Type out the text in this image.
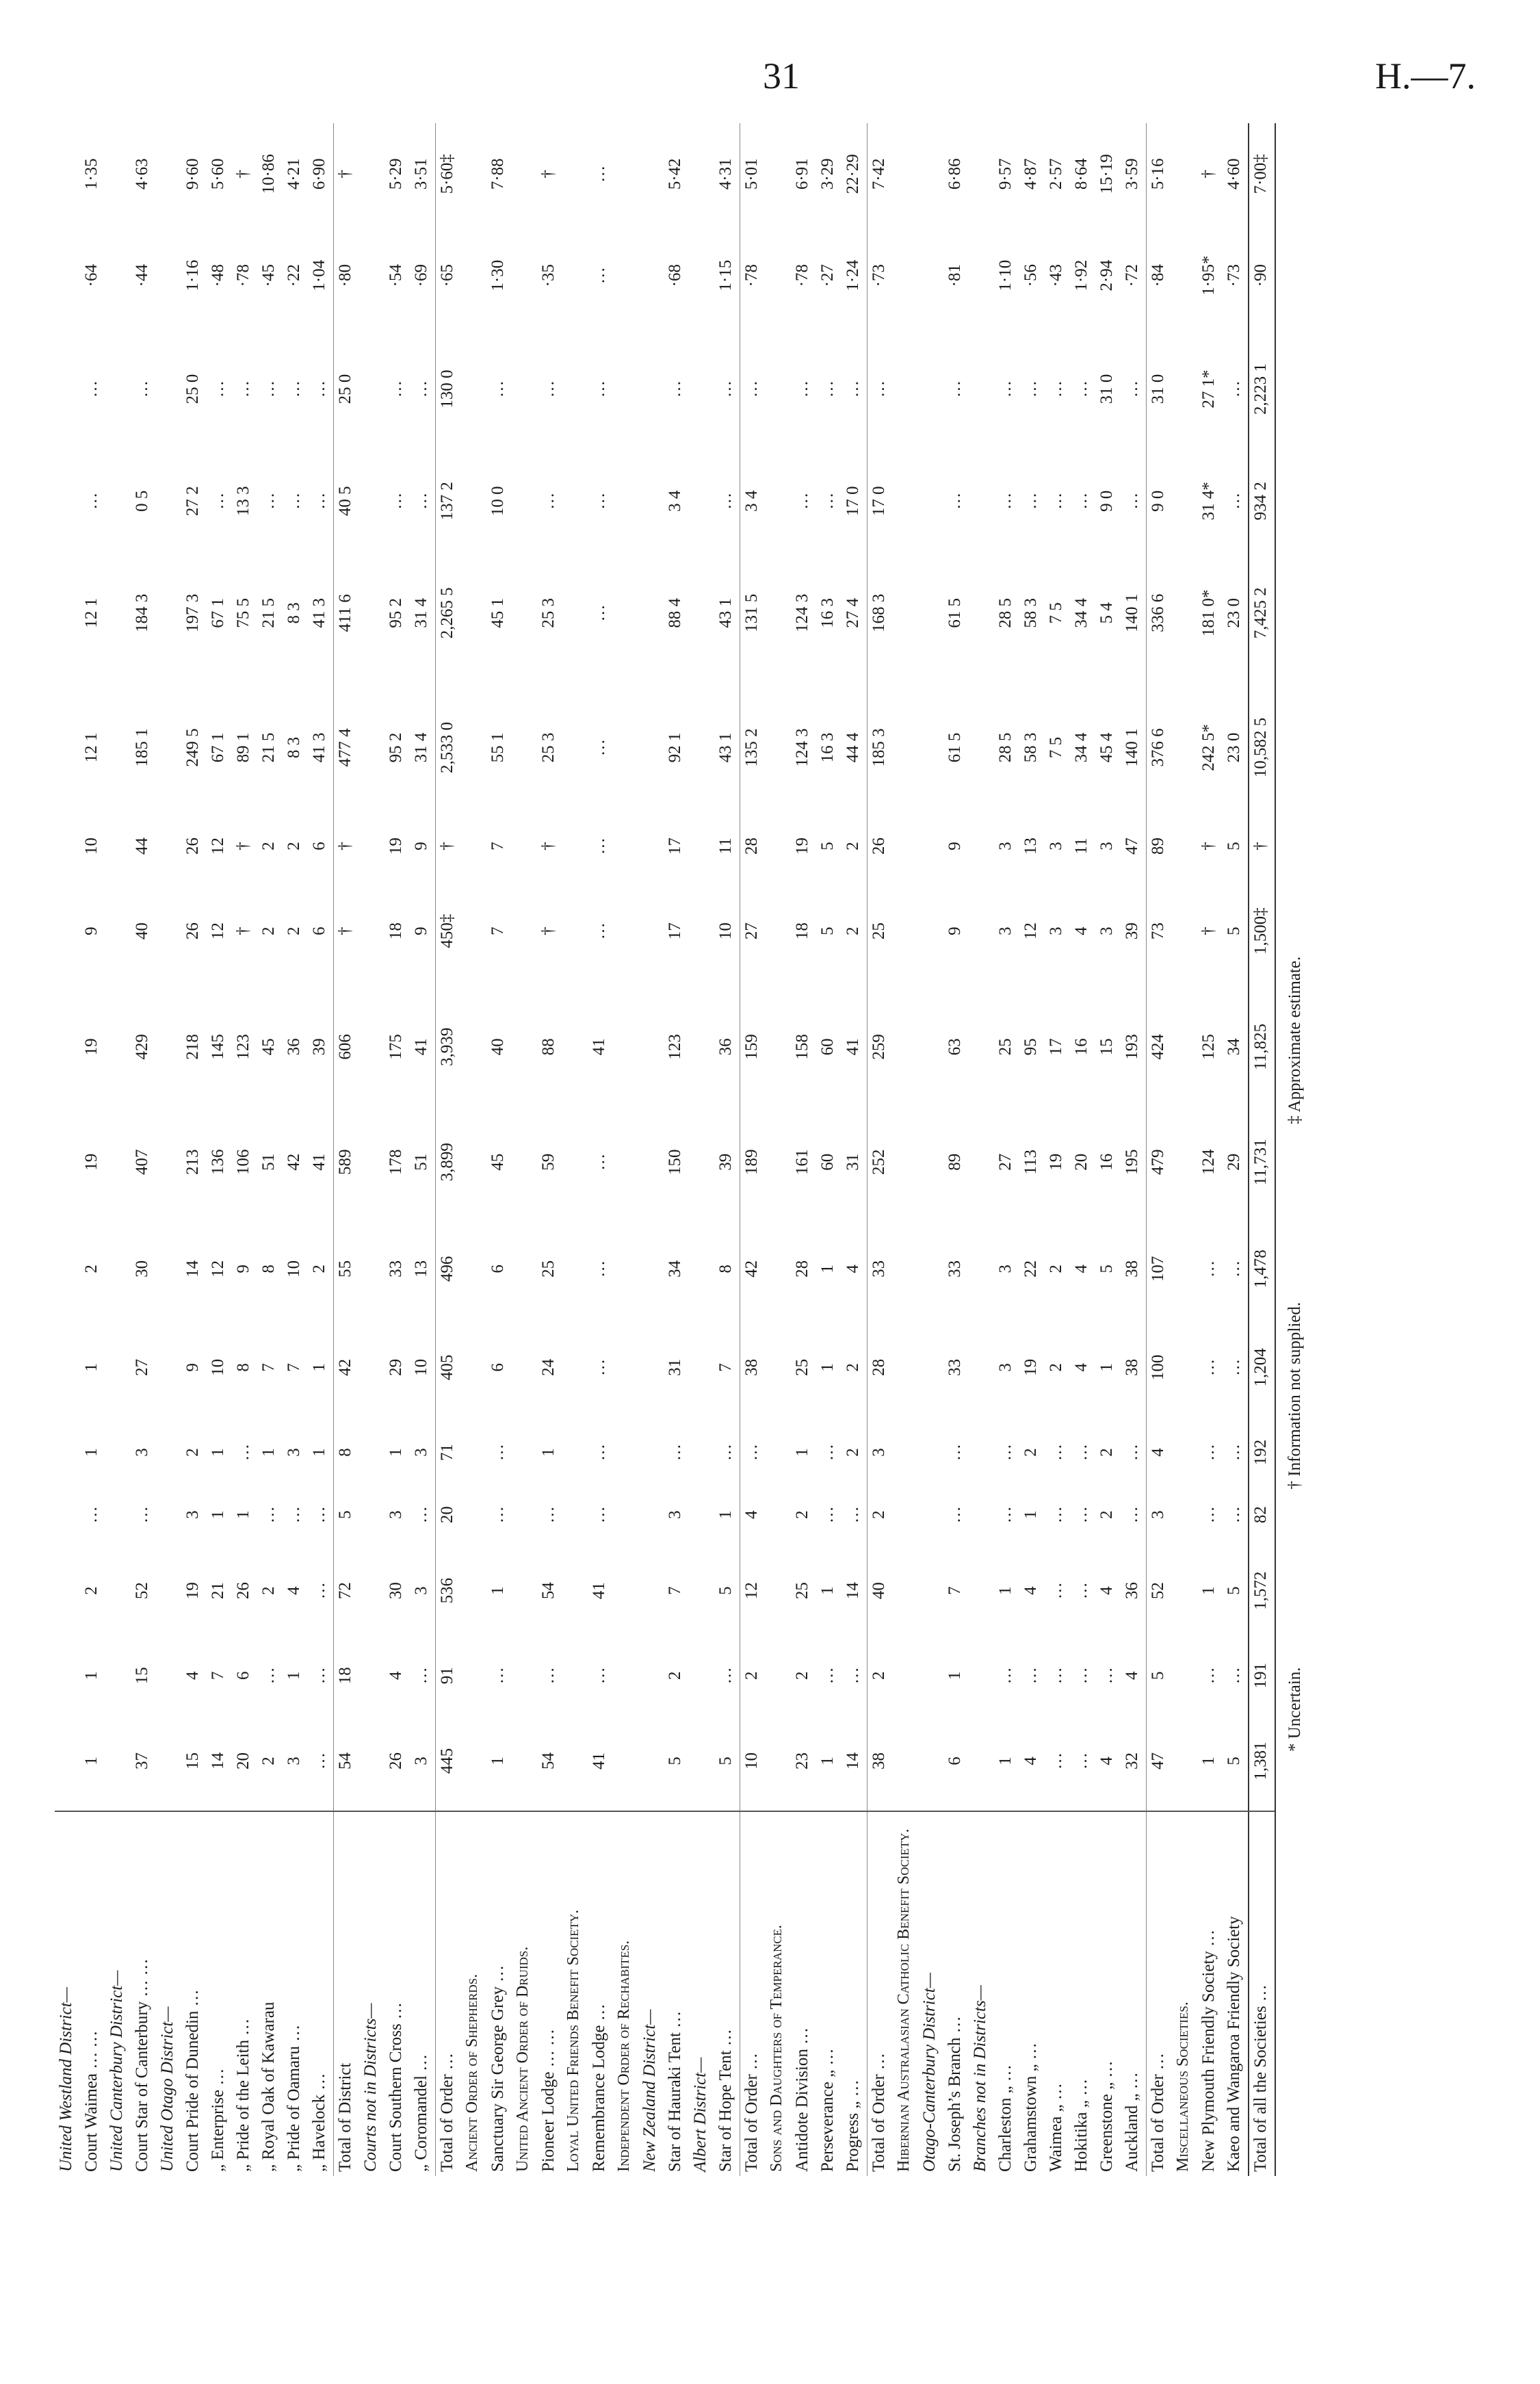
31	H.—7.
United Westland District—																	
Court Waimea … …	1	1	2	…	1	1	2	19	19	9	10	12 1	12 1	…	…	·64	1·35
United Canterbury District—																	
Court Star of Canterbury … …	37	15	52	…	3	27	30	407	429	40	44	185 1	184 3	0 5	…	·44	4·63
United Otago District—																	
Court Pride of Dunedin …	15	4	19	3	2	9	14	213	218	26	26	249 5	197 3	27 2	25 0	1·16	9·60
„ Enterprise …	14	7	21	1	1	10	12	136	145	12	12	67 1	67 1	…	…	·48	5·60
„ Pride of the Leith …	20	6	26	1	…	8	9	106	123	†	†	89 1	75 5	13 3	…	·78	†
„ Royal Oak of Kawarau	2	…	2	…	1	7	8	51	45	2	2	21 5	21 5	…	…	·45	10·86
„ Pride of Oamaru …	3	1	4	…	3	7	10	42	36	2	2	8 3	8 3	…	…	·22	4·21
„ Havelock …	…	…	…	…	1	1	2	41	39	6	6	41 3	41 3	…	…	1·04	6·90
Total of District	54	18	72	5	8	42	55	589	606	†	†	477 4	411 6	40 5	25 0	·80	†
Courts not in Districts—																	
Court Southern Cross …	26	4	30	3	1	29	33	178	175	18	19	95 2	95 2	…	…	·54	5·29
„ Coromandel …	3	…	3	…	3	10	13	51	41	9	9	31 4	31 4	…	…	·69	3·51
Total of Order …	445	91	536	20	71	405	496	3,899	3,939	450‡	†	2,533 0	2,265 5	137 2	130 0	·65	5·60‡
Ancient Order of Shepherds.																	
Sanctuary Sir George Grey …	1	…	1	…	…	6	6	45	40	7	7	55 1	45 1	10 0	…	1·30	7·88
United Ancient Order of Druids.																	
Pioneer Lodge … …	54	…	54	…	1	24	25	59	88	†	†	25 3	25 3	…	…	·35	†
Loyal United Friends Benefit Society.																	
Remembrance Lodge …	41	…	41	…	…	…	…	…	41	…	…	…	…	…	…	…	…
Independent Order of Rechabites.																	
New Zealand District—																	
Star of Hauraki Tent …	5	2	7	3	…	31	34	150	123	17	17	92 1	88 4	3 4	…	·68	5·42
Albert District—																	
Star of Hope Tent …	5	…	5	1	…	7	8	39	36	10	11	43 1	43 1	…	…	1·15	4·31
Total of Order …	10	2	12	4	…	38	42	189	159	27	28	135 2	131 5	3 4	…	·78	5·01
Sons and Daughters of Temperance.																	
Antidote Division …	23	2	25	2	1	25	28	161	158	18	19	124 3	124 3	…	…	·78	6·91
Perseverance „ …	1	…	1	…	…	1	1	60	60	5	5	16 3	16 3	…	…	·27	3·29
Progress „ …	14	…	14	…	2	2	4	31	41	2	2	44 4	27 4	17 0	…	1·24	22·29
Total of Order …	38	2	40	2	3	28	33	252	259	25	26	185 3	168 3	17 0	…	·73	7·42
Hibernian Australasian Catholic Benefit Society.																	
Otago-Canterbury District—																	
St. Joseph’s Branch …	6	1	7	…	…	33	33	89	63	9	9	61 5	61 5	…	…	·81	6·86
Branches not in Districts—																	
Charleston „ …	1	…	1	…	…	3	3	27	25	3	3	28 5	28 5	…	…	1·10	9·57
Grahamstown „ …	4	…	4	1	2	19	22	113	95	12	13	58 3	58 3	…	…	·56	4·87
Waimea „ …	…	…	…	…	…	2	2	19	17	3	3	7 5	7 5	…	…	·43	2·57
Hokitika „ …	…	…	…	…	…	4	4	20	16	4	11	34 4	34 4	…	…	1·92	8·64
Greenstone „ …	4	…	4	2	2	1	5	16	15	3	3	45 4	5 4	9 0	31 0	2·94	15·19
Auckland „ …	32	4	36	…	…	38	38	195	193	39	47	140 1	140 1	…	…	·72	3·59
Total of Order …	47	5	52	3	4	100	107	479	424	73	89	376 6	336 6	9 0	31 0	·84	5·16
Miscellaneous Societies.																	
New Plymouth Friendly Society …	1	…	1	…	…	…	…	124	125	†	†	242 5*	181 0*	31 4*	27 1*	1·95*	†
Kaeo and Wangaroa Friendly Society	5	…	5	…	…	…	…	29	34	5	5	23 0	23 0	…	…	·73	4·60
Total of all the Societies …	1,381	191	1,572	82	192	1,204	1,478	11,731	11,825	1,500‡	†	10,582 5	7,425 2	934 2	2,223 1	·90	7·00‡
* Uncertain.
† Information not supplied.
‡ Approximate estimate.
